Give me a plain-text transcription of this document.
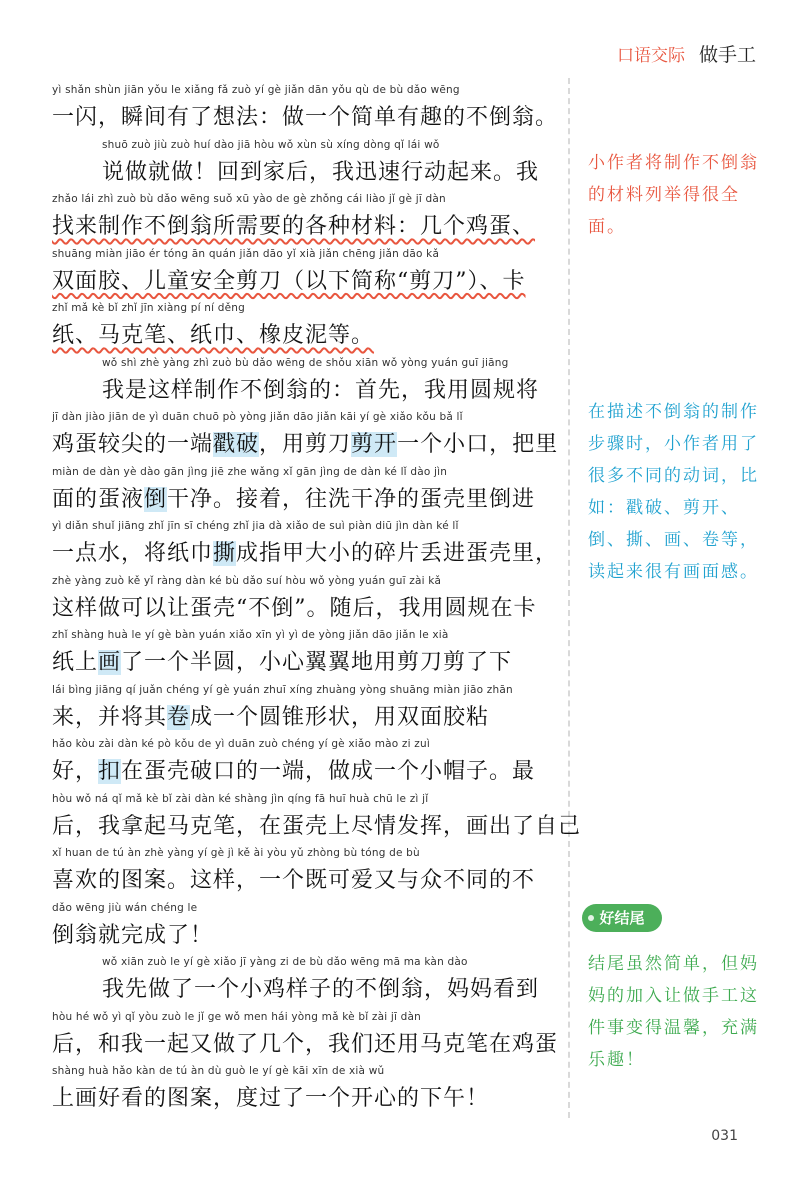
口语交际 做手工
yì shǎn shùn jiān yǒu le xiǎng fǎ zuò yí gè jiǎn dān yǒu qù de bù dǎo wēng
一闪，瞬间有了想法：做一个简单有趣的不倒翁。
shuō zuò jiù zuò huí dào jiā hòu wǒ xùn sù xíng dòng qǐ lái wǒ
说做就做！回到家后，我迅速行动起来。我
zhǎo lái zhì zuò bù dǎo wēng suǒ xū yào de gè zhǒng cái liào jǐ gè jī dàn
找来制作不倒翁所需要的各种材料：几个鸡蛋、
shuāng miàn jiāo ér tóng ān quán jiǎn dāo yǐ xià jiǎn chēng jiǎn dāo kǎ
双面胶、儿童安全剪刀（以下简称“剪刀”）、卡
zhǐ mǎ kè bǐ zhǐ jīn xiàng pí ní děng
纸、马克笔、纸巾、橡皮泥等。
wǒ shì zhè yàng zhì zuò bù dǎo wēng de shǒu xiān wǒ yòng yuán guī jiāng
我是这样制作不倒翁的：首先，我用圆规将
jī dàn jiào jiān de yì duān chuō pò yòng jiǎn dāo jiǎn kāi yí gè xiǎo kǒu bǎ lǐ
鸡蛋较尖的一端戳破，用剪刀剪开一个小口，把里
miàn de dàn yè dào gān jìng jiē zhe wǎng xǐ gān jìng de dàn ké lǐ dào jìn
面的蛋液倒干净。接着，往洗干净的蛋壳里倒进
yì diǎn shuǐ jiāng zhǐ jīn sī chéng zhǐ jia dà xiǎo de suì piàn diū jìn dàn ké lǐ
一点水，将纸巾撕成指甲大小的碎片丢进蛋壳里，
zhè yàng zuò kě yǐ ràng dàn ké bù dǎo suí hòu wǒ yòng yuán guī zài kǎ
这样做可以让蛋壳“不倒”。随后，我用圆规在卡
zhǐ shàng huà le yí gè bàn yuán xiǎo xīn yì yì de yòng jiǎn dāo jiǎn le xià
纸上画了一个半圆，小心翼翼地用剪刀剪了下
lái bìng jiāng qí juǎn chéng yí gè yuán zhuī xíng zhuàng yòng shuāng miàn jiāo zhān
来，并将其卷成一个圆锥形状，用双面胶粘
hǎo kòu zài dàn ké pò kǒu de yì duān zuò chéng yí gè xiǎo mào zi zuì
好，扣在蛋壳破口的一端，做成一个小帽子。最
hòu wǒ ná qǐ mǎ kè bǐ zài dàn ké shàng jìn qíng fā huī huà chū le zì jǐ
后，我拿起马克笔，在蛋壳上尽情发挥，画出了自己
xǐ huan de tú àn zhè yàng yí gè jì kě ài yòu yǔ zhòng bù tóng de bù
喜欢的图案。这样，一个既可爱又与众不同的不
dǎo wēng jiù wán chéng le
倒翁就完成了！
wǒ xiān zuò le yí gè xiǎo jī yàng zi de bù dǎo wēng mā ma kàn dào
我先做了一个小鸡样子的不倒翁，妈妈看到
hòu hé wǒ yì qǐ yòu zuò le jǐ ge wǒ men hái yòng mǎ kè bǐ zài jī dàn
后，和我一起又做了几个，我们还用马克笔在鸡蛋
shàng huà hǎo kàn de tú àn dù guò le yí gè kāi xīn de xià wǔ
上画好看的图案，度过了一个开心的下午！
小作者将制作不倒翁的材料列举得很全面。
在描述不倒翁的制作步骤时，小作者用了很多不同的动词，比如：戳破、剪开、倒、撕、画、卷等，读起来很有画面感。
好结尾
结尾虽然简单，但妈妈的加入让做手工这件事变得温馨，充满乐趣！
031
